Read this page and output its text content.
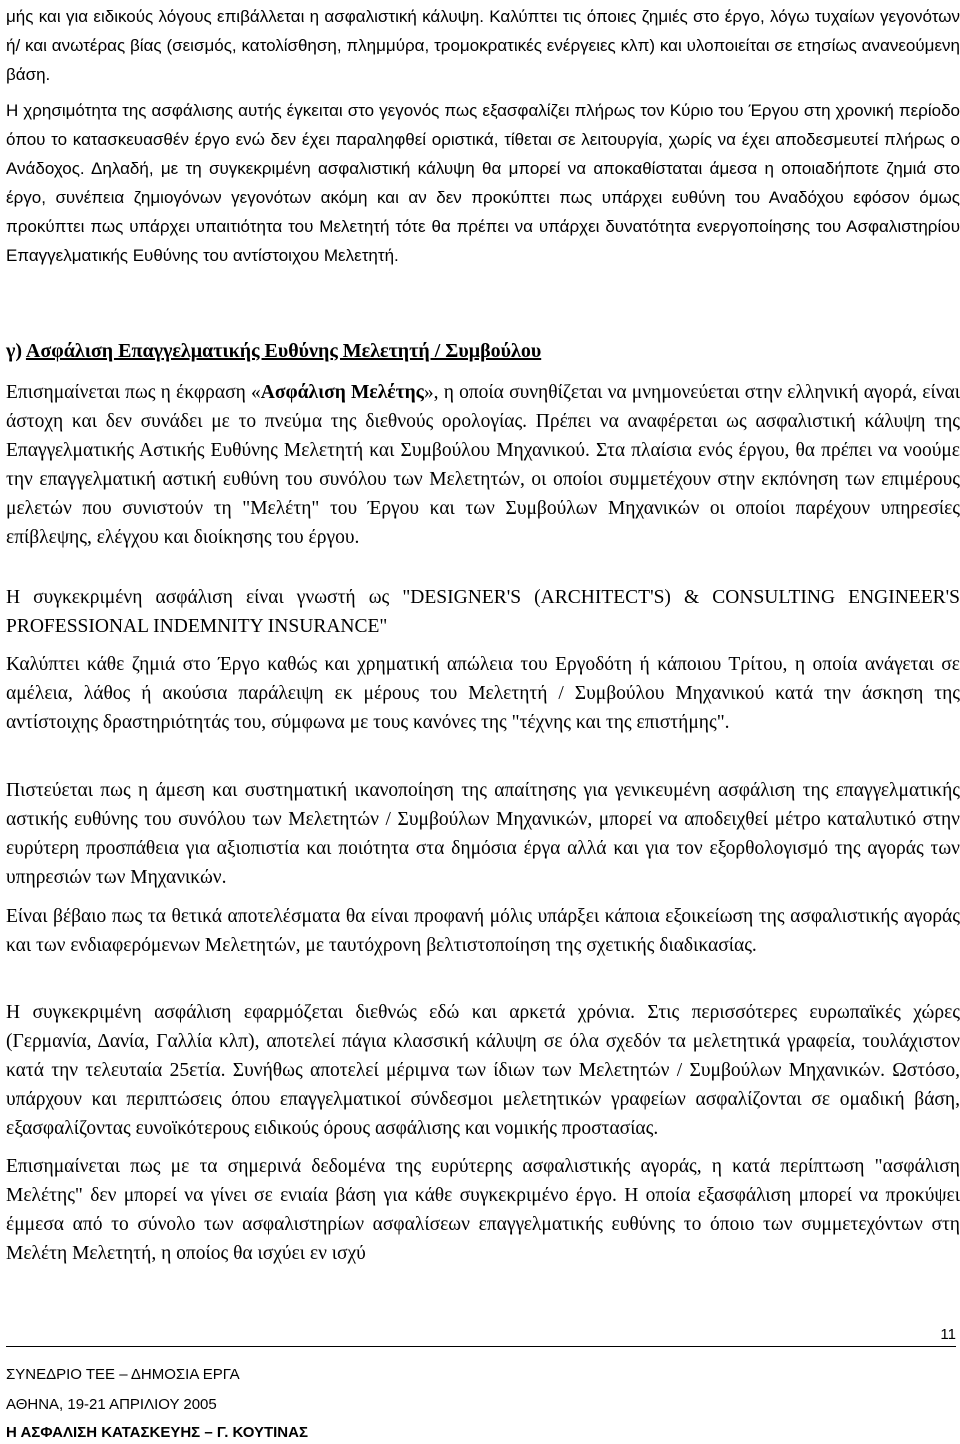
μής και για ειδικούς λόγους επιβάλλεται η ασφαλιστική κάλυψη. Καλύπτει τις όποιες ζημιές στο έργο, λόγω τυχαίων γεγονότων ή/ και ανωτέρας βίας (σεισμός, κατολίσθηση, πλημμύρα, τρομοκρατικές ενέργειες κλπ) και υλοποιείται σε ετησίως ανανεούμενη βάση.

Η χρησιμότητα της ασφάλισης αυτής έγκειται στο γεγονός πως εξασφαλίζει πλήρως τον Κύριο του Έργου στη χρονική περίοδο όπου το κατασκευασθέν έργο ενώ δεν έχει παραληφθεί οριστικά, τίθεται σε λειτουργία, χωρίς να έχει αποδεσμευτεί πλήρως ο Ανάδοχος. Δηλαδή, με τη συγκεκριμένη ασφαλιστική κάλυψη θα μπορεί να αποκαθίσταται άμεσα η οποιαδήποτε ζημιά στο έργο, συνέπεια ζημιογόνων γεγονότων ακόμη και αν δεν προκύπτει πως υπάρχει ευθύνη του Αναδόχου εφόσον όμως προκύπτει πως υπάρχει υπαιτιότητα του Μελετητή τότε θα πρέπει να υπάρχει δυνατότητα ενεργοποίησης του Ασφαλιστηρίου Επαγγελματικής Ευθύνης του αντίστοιχου Μελετητή.

γ) Ασφάλιση Επαγγελματικής Ευθύνης Μελετητή / Συμβούλου

Επισημαίνεται πως η έκφραση «Ασφάλιση Μελέτης», η οποία συνηθίζεται να μνημονεύεται στην ελληνική αγορά, είναι άστοχη και δεν συνάδει με το πνεύμα της διεθνούς ορολογίας. Πρέπει να αναφέρεται ως ασφαλιστική κάλυψη της Επαγγελματικής Αστικής Ευθύνης Μελετητή και Συμβούλου Μηχανικού. Στα πλαίσια ενός έργου, θα πρέπει να νοούμε την επαγγελματική αστική ευθύνη του συνόλου των Μελετητών, οι οποίοι συμμετέχουν στην εκπόνηση των επιμέρους μελετών που συνιστούν τη "Μελέτη" του Έργου και των Συμβούλων Μηχανικών οι οποίοι παρέχουν υπηρεσίες επίβλεψης, ελέγχου και διοίκησης του έργου.

Η συγκεκριμένη ασφάλιση είναι γνωστή ως "DESIGNER'S (ARCHITECT'S) & CONSULTING ENGINEER'S PROFESSIONAL INDEMNITY INSURANCE"

Καλύπτει κάθε ζημιά στο Έργο καθώς και χρηματική απώλεια του Εργοδότη ή κάποιου Τρίτου, η οποία ανάγεται σε αμέλεια, λάθος ή ακούσια παράλειψη εκ μέρους του Μελετητή / Συμβούλου Μηχανικού κατά την άσκηση της αντίστοιχης δραστηριότητάς του, σύμφωνα με τους κανόνες της "τέχνης και της επιστήμης".

Πιστεύεται πως η άμεση και συστηματική ικανοποίηση της απαίτησης για γενικευμένη ασφάλιση της επαγγελματικής αστικής ευθύνης του συνόλου των Μελετητών / Συμβούλων Μηχανικών, μπορεί να αποδειχθεί μέτρο καταλυτικό στην ευρύτερη προσπάθεια για αξιοπιστία και ποιότητα στα δημόσια έργα αλλά και για τον εξορθολογισμό της αγοράς των υπηρεσιών των Μηχανικών.

Είναι βέβαιο πως τα θετικά αποτελέσματα θα είναι προφανή μόλις υπάρξει κάποια εξοικείωση της ασφαλιστικής αγοράς και των ενδιαφερόμενων Μελετητών, με ταυτόχρονη βελτιστοποίηση της σχετικής διαδικασίας.

Η συγκεκριμένη ασφάλιση εφαρμόζεται διεθνώς εδώ και αρκετά χρόνια. Στις περισσότερες ευρωπαϊκές χώρες (Γερμανία, Δανία, Γαλλία κλπ), αποτελεί πάγια κλασσική κάλυψη σε όλα σχεδόν τα μελετητικά γραφεία, τουλάχιστον κατά την τελευταία 25ετία. Συνήθως αποτελεί μέριμνα των ίδιων των Μελετητών / Συμβούλων Μηχανικών. Ωστόσο, υπάρχουν και περιπτώσεις όπου επαγγελματικοί σύνδεσμοι μελετητικών γραφείων ασφαλίζονται σε ομαδική βάση, εξασφαλίζοντας ευνοϊκότερους ειδικούς όρους ασφάλισης και νομικής προστασίας.

Επισημαίνεται πως με τα σημερινά δεδομένα της ευρύτερης ασφαλιστικής αγοράς, η κατά περίπτωση "ασφάλιση Μελέτης" δεν μπορεί να γίνει σε ενιαία βάση για κάθε συγκεκριμένο έργο. Η οποία εξασφάλιση μπορεί να προκύψει έμμεσα από το σύνολο των ασφαλιστηρίων ασφαλίσεων επαγγελματικής ευθύνης το όποιο των συμμετεχόντων στη Μελέτη Μελετητή, η οποίος θα ισχύει εν ισχύ

11

ΣΥΝΕΔΡΙΟ ΤΕΕ – ΔΗΜΟΣΙΑ ΕΡΓΑ

ΑΘΗΝΑ, 19-21 ΑΠΡΙΛΙΟΥ 2005

Η ΑΣΦΑΛΙΣΗ ΚΑΤΑΣΚΕΥΗΣ – Γ. ΚΟΥΤΙΝΑΣ
